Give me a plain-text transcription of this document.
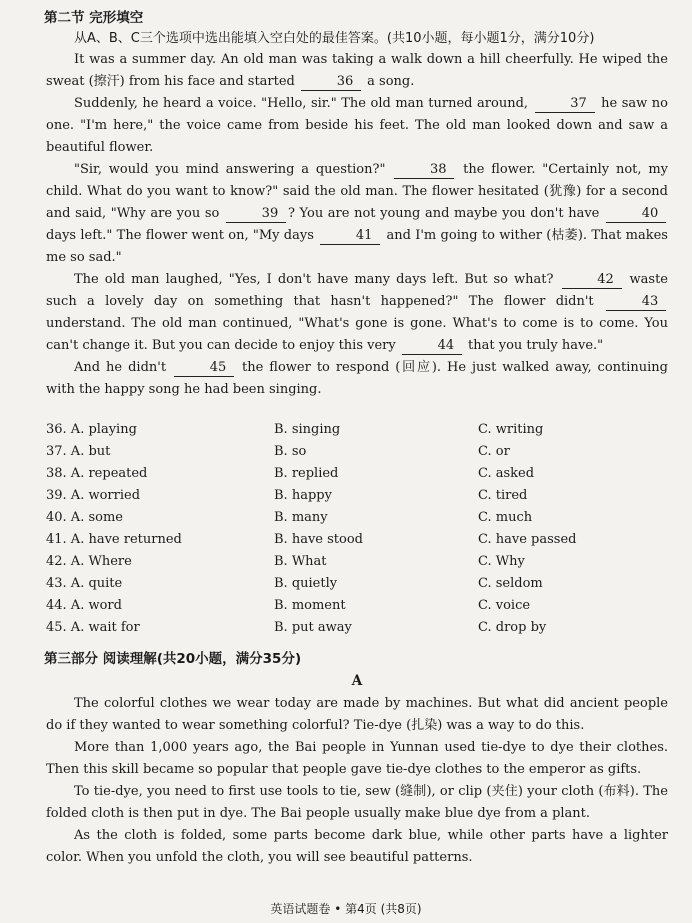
第二节 完形填空
从A、B、C三个选项中选出能填入空白处的最佳答案。(共10小题，每小题1分，满分10分)

It was a summer day. An old man was taking a walk down a hill cheerfully. He wiped the sweat (擦汗) from his face and started	36 a song.

Suddenly, he heard a voice. "Hello, sir." The old man turned around,	37 he saw no one. "I'm here," the voice came from beside his feet. The old man looked down and saw a beautiful flower.

"Sir, would you mind answering a question?"	38 the flower. "Certainly not, my child. What do you want to know?" said the old man. The flower hesitated (犹豫) for a second and said, "Why are you so	39 ? You are not young and maybe you don't have	40 days left." The flower went on, "My days	41 and I'm going to wither (枯萎). That makes me so sad."

The old man laughed, "Yes, I don't have many days left. But so what?	42 waste such a lovely day on something that hasn't happened?" The flower didn't	43 understand. The old man continued, "What's gone is gone. What's to come is to come. You can't change it. But you can decide to enjoy this very	44 that you truly have."

And he didn't	45 the flower to respond (回应). He just walked away, continuing with the happy song he had been singing.

36. A. playing	B. singing	C. writing
37. A. but	B. so	C. or
38. A. repeated	B. replied	C. asked
39. A. worried	B. happy	C. tired
40. A. some	B. many	C. much
41. A. have returned	B. have stood	C. have passed
42. A. Where	B. What	C. Why
43. A. quite	B. quietly	C. seldom
44. A. word	B. moment	C. voice
45. A. wait for	B. put away	C. drop by
第三部分 阅读理解(共20小题，满分35分)
A

The colorful clothes we wear today are made by machines. But what did ancient people do if they wanted to wear something colorful? Tie-dye (扎染) was a way to do this.

More than 1,000 years ago, the Bai people in Yunnan used tie-dye to dye their clothes. Then this skill became so popular that people gave tie-dye clothes to the emperor as gifts.

To tie-dye, you need to first use tools to tie, sew (缝制), or clip (夹住) your cloth (布料). The folded cloth is then put in dye. The Bai people usually make blue dye from a plant.

As the cloth is folded, some parts become dark blue, while other parts have a lighter color. When you unfold the cloth, you will see beautiful patterns.

英语试题卷 • 第4页 (共8页)
